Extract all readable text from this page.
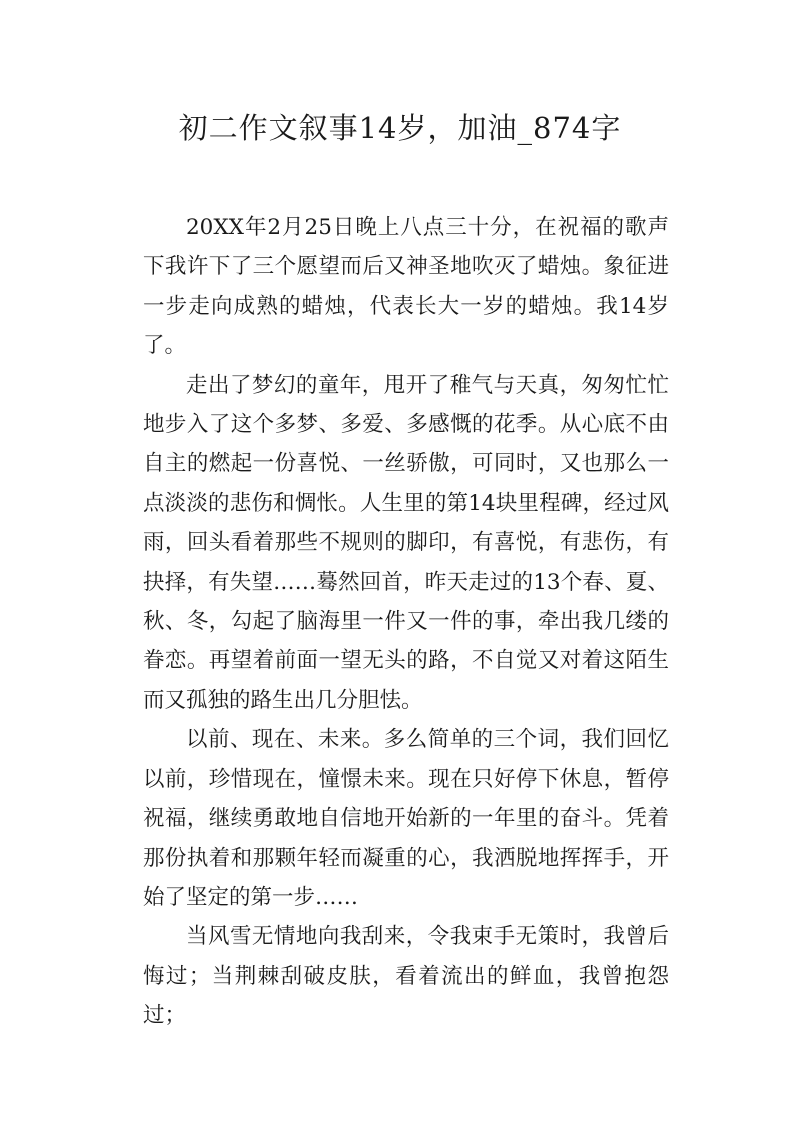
初二作文叙事14岁，加油_874字

20XX年2月25日晚上八点三十分，在祝福的歌声下我许下了三个愿望而后又神圣地吹灭了蜡烛。象征进一步走向成熟的蜡烛，代表长大一岁的蜡烛。我14岁了。

走出了梦幻的童年，甩开了稚气与天真，匆匆忙忙地步入了这个多梦、多爱、多感慨的花季。从心底不由自主的燃起一份喜悦、一丝骄傲，可同时，又也那么一点淡淡的悲伤和惆怅。人生里的第14块里程碑，经过风雨，回头看着那些不规则的脚印，有喜悦，有悲伤，有抉择，有失望……蓦然回首，昨天走过的13个春、夏、秋、冬，勾起了脑海里一件又一件的事，牵出我几缕的眷恋。再望着前面一望无头的路，不自觉又对着这陌生而又孤独的路生出几分胆怯。

以前、现在、未来。多么简单的三个词，我们回忆以前，珍惜现在，憧憬未来。现在只好停下休息，暂停祝福，继续勇敢地自信地开始新的一年里的奋斗。凭着那份执着和那颗年轻而凝重的心，我洒脱地挥挥手，开始了坚定的第一步……

当风雪无情地向我刮来，令我束手无策时，我曾后悔过；当荆棘刮破皮肤，看着流出的鲜血，我曾抱怨过；
